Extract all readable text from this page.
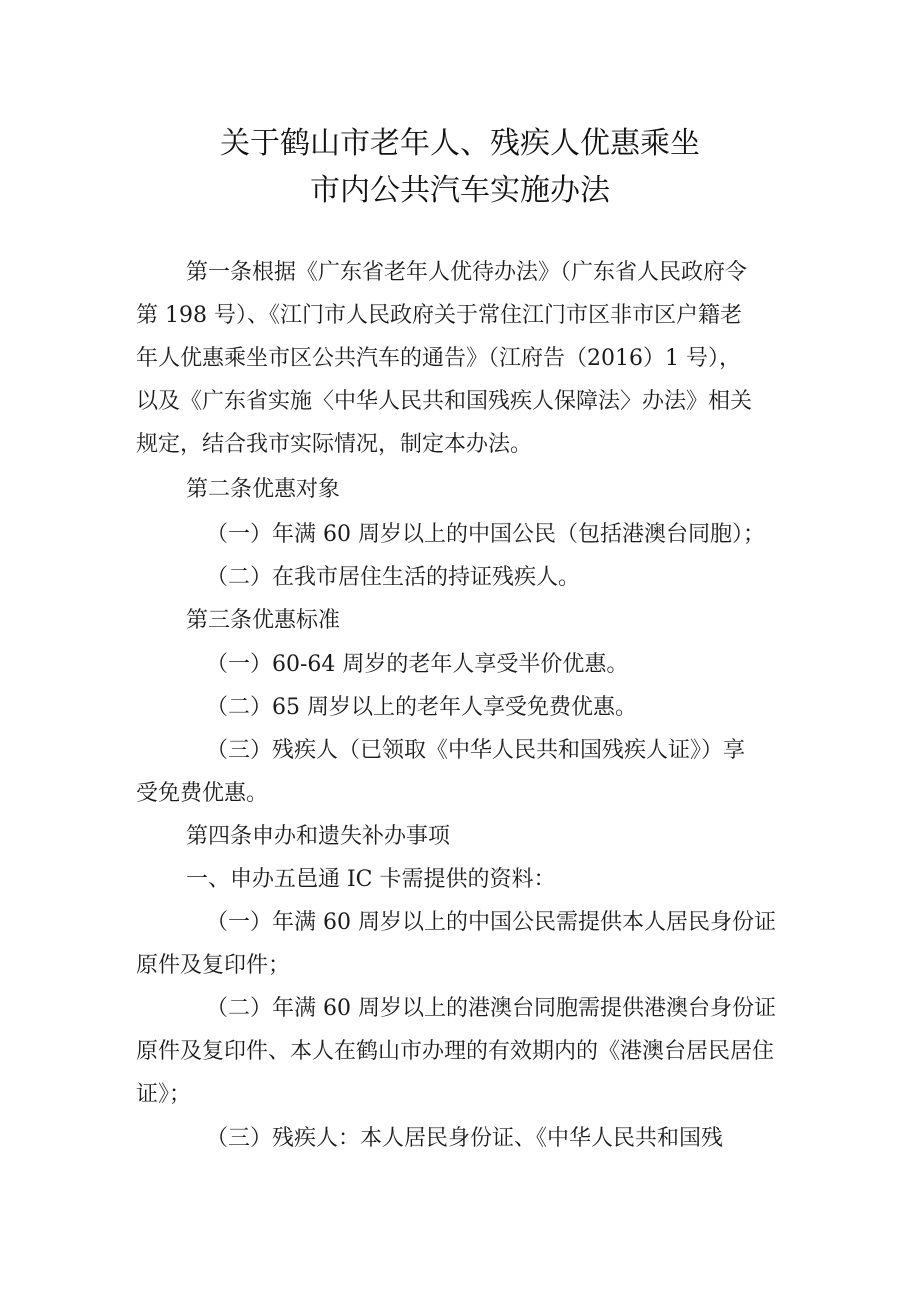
关于鹤山市老年人、残疾人优惠乘坐
市内公共汽车实施办法

第一条根据《广东省老年人优待办法》（广东省人民政府令

第 198 号）、《江门市人民政府关于常住江门市区非市区户籍老

年人优惠乘坐市区公共汽车的通告》（江府告（2016）1 号），

以及《广东省实施〈中华人民共和国残疾人保障法〉办法》相关

规定，结合我市实际情况，制定本办法。

第二条优惠对象

（一）年满 60 周岁以上的中国公民（包括港澳台同胞）；

（二）在我市居住生活的持证残疾人。

第三条优惠标准

（一）60-64 周岁的老年人享受半价优惠。

（二）65 周岁以上的老年人享受免费优惠。

（三）残疾人（已领取《中华人民共和国残疾人证》）享

受免费优惠。

第四条申办和遗失补办事项

一、申办五邑通 IC 卡需提供的资料：

（一）年满 60 周岁以上的中国公民需提供本人居民身份证

原件及复印件；

（二）年满 60 周岁以上的港澳台同胞需提供港澳台身份证

原件及复印件、本人在鹤山市办理的有效期内的《港澳台居民居住

证》；

（三）残疾人：本人居民身份证、《中华人民共和国残
